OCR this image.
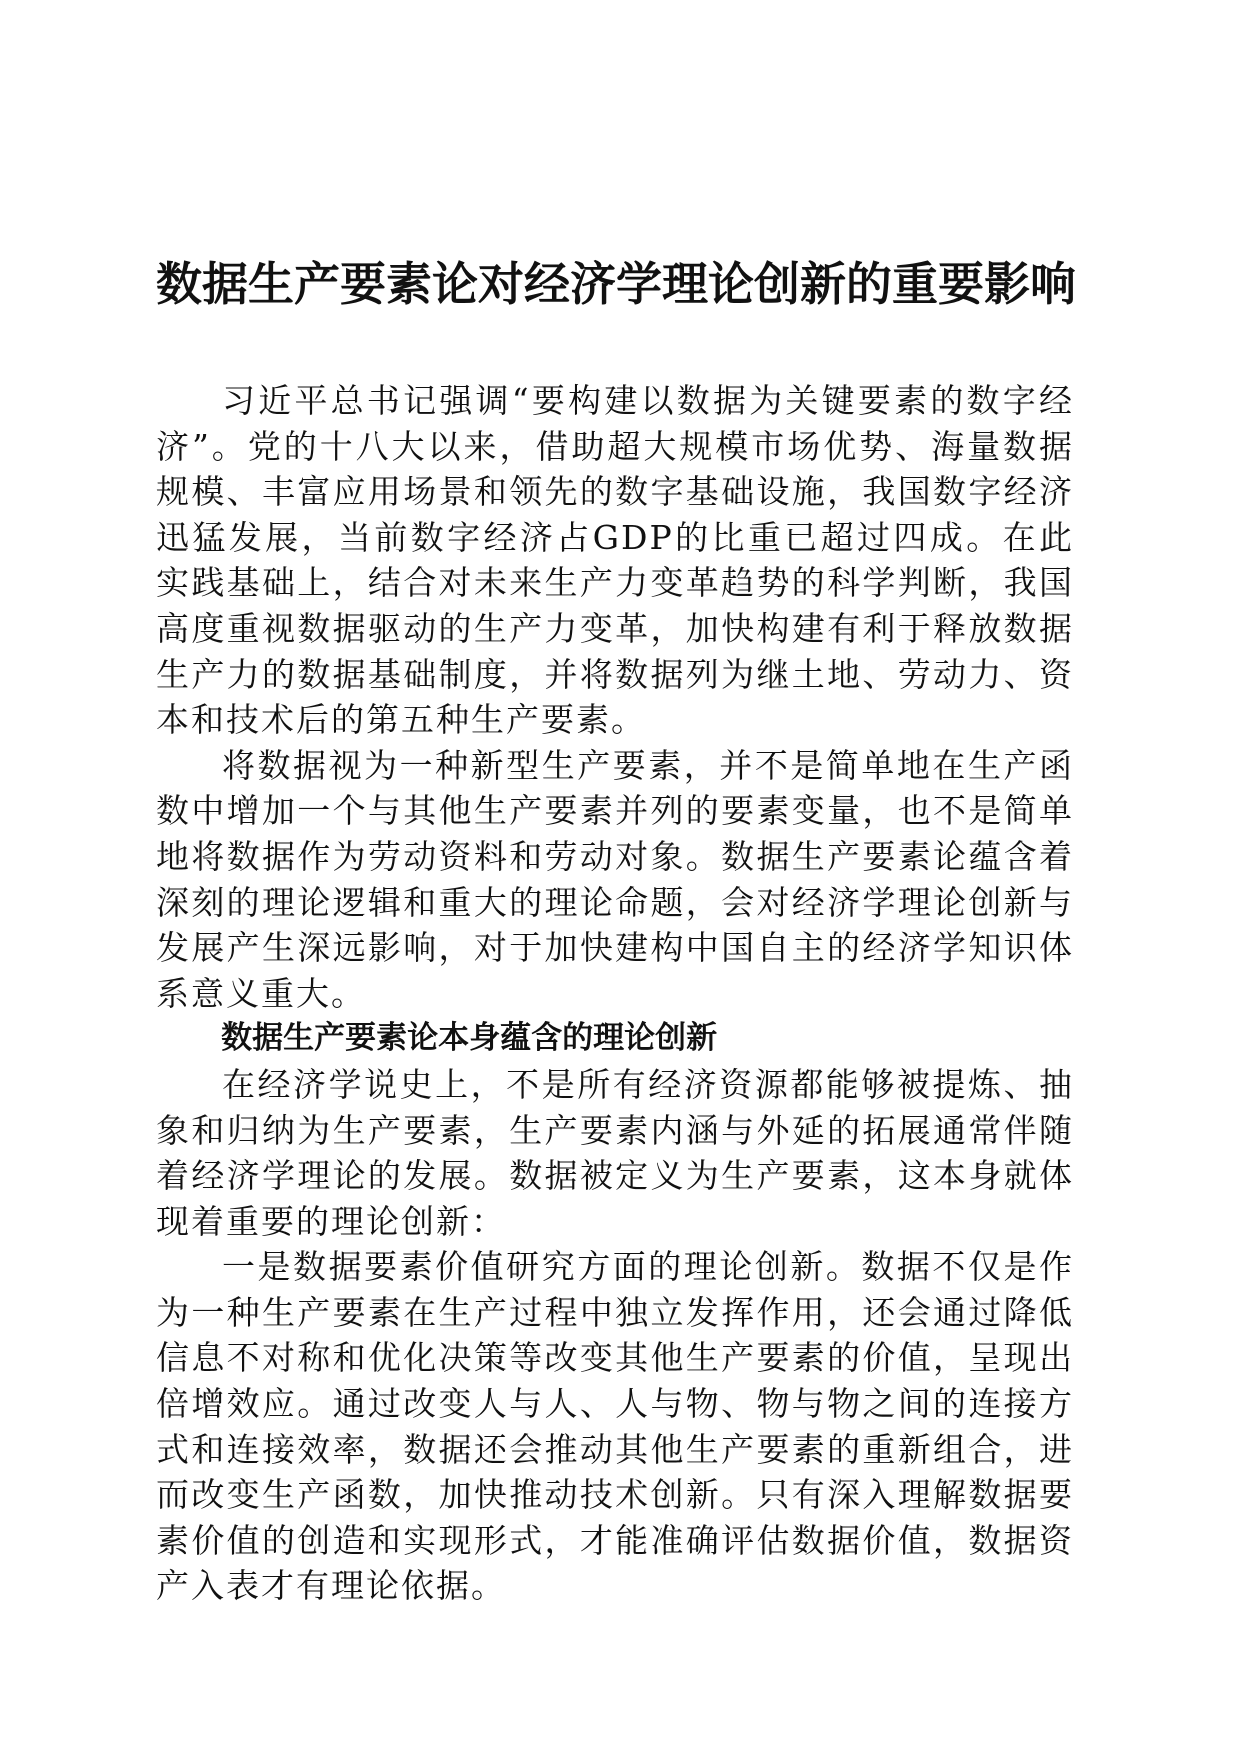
数据生产要素论对经济学理论创新的重要影响

习近平总书记强调“要构建以数据为关键要素的数字经济”。党的十八大以来，借助超大规模市场优势、海量数据规模、丰富应用场景和领先的数字基础设施，我国数字经济迅猛发展，当前数字经济占GDP的比重已超过四成。在此实践基础上，结合对未来生产力变革趋势的科学判断，我国高度重视数据驱动的生产力变革，加快构建有利于释放数据生产力的数据基础制度，并将数据列为继土地、劳动力、资本和技术后的第五种生产要素。

将数据视为一种新型生产要素，并不是简单地在生产函数中增加一个与其他生产要素并列的要素变量，也不是简单地将数据作为劳动资料和劳动对象。数据生产要素论蕴含着深刻的理论逻辑和重大的理论命题，会对经济学理论创新与发展产生深远影响，对于加快建构中国自主的经济学知识体系意义重大。

数据生产要素论本身蕴含的理论创新

在经济学说史上，不是所有经济资源都能够被提炼、抽象和归纳为生产要素，生产要素内涵与外延的拓展通常伴随着经济学理论的发展。数据被定义为生产要素，这本身就体现着重要的理论创新：

一是数据要素价值研究方面的理论创新。数据不仅是作为一种生产要素在生产过程中独立发挥作用，还会通过降低信息不对称和优化决策等改变其他生产要素的价值，呈现出倍增效应。通过改变人与人、人与物、物与物之间的连接方式和连接效率，数据还会推动其他生产要素的重新组合，进而改变生产函数，加快推动技术创新。只有深入理解数据要素价值的创造和实现形式，才能准确评估数据价值，数据资产入表才有理论依据。
